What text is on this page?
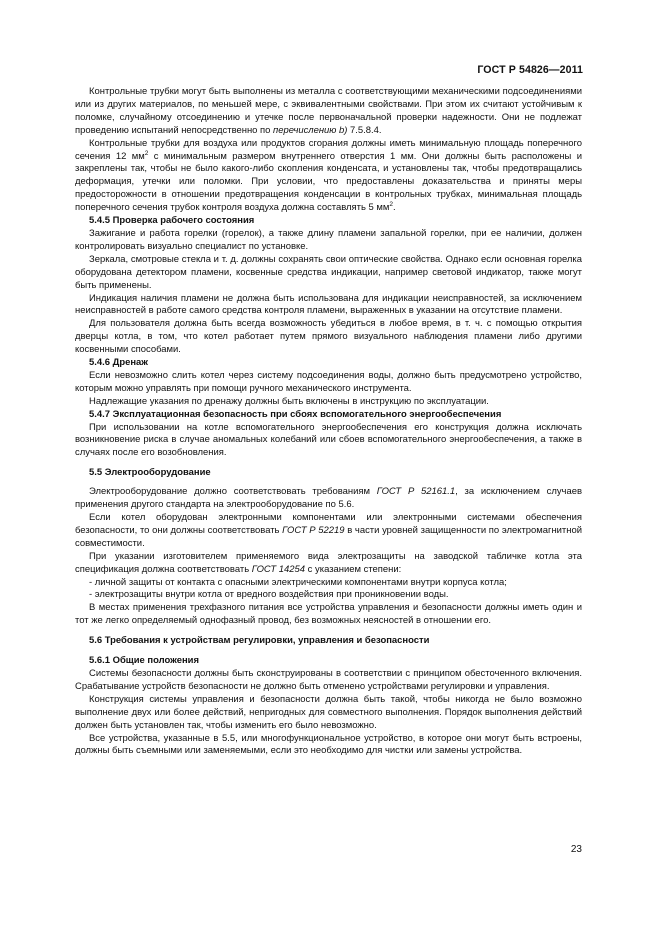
ГОСТ Р 54826—2011

Контрольные трубки могут быть выполнены из металла с соответствующими механическими подсоединениями или из других материалов, по меньшей мере, с эквивалентными свойствами. При этом их считают устойчивым к поломке, случайному отсоединению и утечке после первоначальной проверки надежности. Они не подлежат проведению испытаний непосредственно по перечислению b) 7.5.8.4.

Контрольные трубки для воздуха или продуктов сгорания должны иметь минимальную площадь поперечного сечения 12 $мм^2$ с минимальным размером внутреннего отверстия 1 мм. Они должны быть расположены и закреплены так, чтобы не было какого-либо скопления конденсата, и установлены так, чтобы предотвращались деформация, утечки или поломки. При условии, что предоставлены доказательства и приняты меры предосторожности в отношении предотвращения конденсации в контрольных трубках, минимальная площадь поперечного сечения трубок контроля воздуха должна составлять 5 $мм^2$.

5.4.5 Проверка рабочего состояния

Зажигание и работа горелки (горелок), а также длину пламени запальной горелки, при ее наличии, должен контролировать визуально специалист по установке.

Зеркала, смотровые стекла и т. д. должны сохранять свои оптические свойства. Однако если основная горелка оборудована детектором пламени, косвенные средства индикации, например световой индикатор, также могут быть применены.

Индикация наличия пламени не должна быть использована для индикации неисправностей, за исключением неисправностей в работе самого средства контроля пламени, выраженных в указании на отсутствие пламени.

Для пользователя должна быть всегда возможность убедиться в любое время, в т. ч. с помощью открытия дверцы котла, в том, что котел работает путем прямого визуального наблюдения пламени либо другими косвенными способами.

5.4.6 Дренаж

Если невозможно слить котел через систему подсоединения воды, должно быть предусмотрено устройство, которым можно управлять при помощи ручного механического инструмента.

Надлежащие указания по дренажу должны быть включены в инструкцию по эксплуатации.

5.4.7 Эксплуатационная безопасность при сбоях вспомогательного энергообеспечения

При использовании на котле вспомогательного энергообеспечения его конструкция должна исключать возникновение риска в случае аномальных колебаний или сбоев вспомогательного энергообеспечения, а также в случаях после его возобновления.

5.5 Электрооборудование

Электрооборудование должно соответствовать требованиям ГОСТ Р 52161.1, за исключением случаев применения другого стандарта на электрооборудование по 5.6.

Если котел оборудован электронными компонентами или электронными системами обеспечения безопасности, то они должны соответствовать ГОСТ Р 52219 в части уровней защищенности по электромагнитной совместимости.

При указании изготовителем применяемого вида электрозащиты на заводской табличке котла эта спецификация должна соответствовать ГОСТ 14254 с указанием степени:

- личной защиты от контакта с опасными электрическими компонентами внутри корпуса котла;

- электрозащиты внутри котла от вредного воздействия при проникновении воды.

В местах применения трехфазного питания все устройства управления и безопасности должны иметь один и тот же легко определяемый однофазный провод, без возможных неясностей в отношении его.

5.6 Требования к устройствам регулировки, управления и безопасности

5.6.1 Общие положения

Системы безопасности должны быть сконструированы в соответствии с принципом обесточенного включения. Срабатывание устройств безопасности не должно быть отменено устройствами регулировки и управления.

Конструкция системы управления и безопасности должна быть такой, чтобы никогда не было возможно выполнение двух или более действий, непригодных для совместного выполнения. Порядок выполнения действий должен быть установлен так, чтобы изменить его было невозможно.

Все устройства, указанные в 5.5, или многофункциональное устройство, в которое они могут быть встроены, должны быть съемными или заменяемыми, если это необходимо для чистки или замены устройства.

23
